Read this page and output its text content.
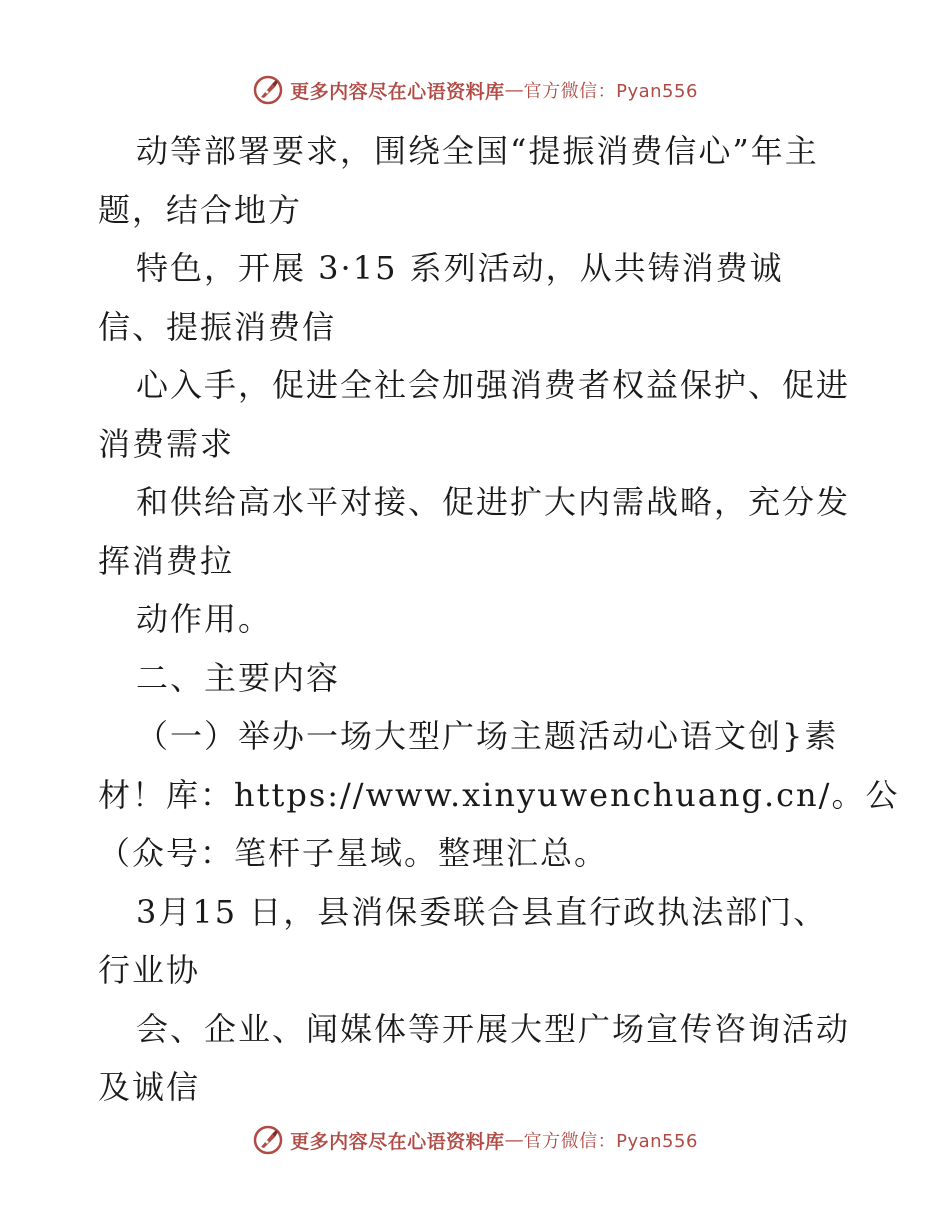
更多内容尽在心语资料库 — 官方微信：Pyan556
动等部署要求，围绕全国“提振消费信心”年主
题，结合地方
特色，开展 3·15 系列活动，从共铸消费诚
信、提振消费信
心入手，促进全社会加强消费者权益保护、促进
消费需求
和供给高水平对接、促进扩大内需战略，充分发
挥消费拉
动作用。
二、主要内容
（一）举办一场大型广场主题活动心语文创}素
材！库：https://www.xinyuwenchuang.cn/。公
（众号：笔杆子星域。整理汇总。
3月15 日，县消保委联合县直行政执法部门、
行业协
会、企业、闻媒体等开展大型广场宣传咨询活动
及诚信
更多内容尽在心语资料库 — 官方微信：Pyan556
